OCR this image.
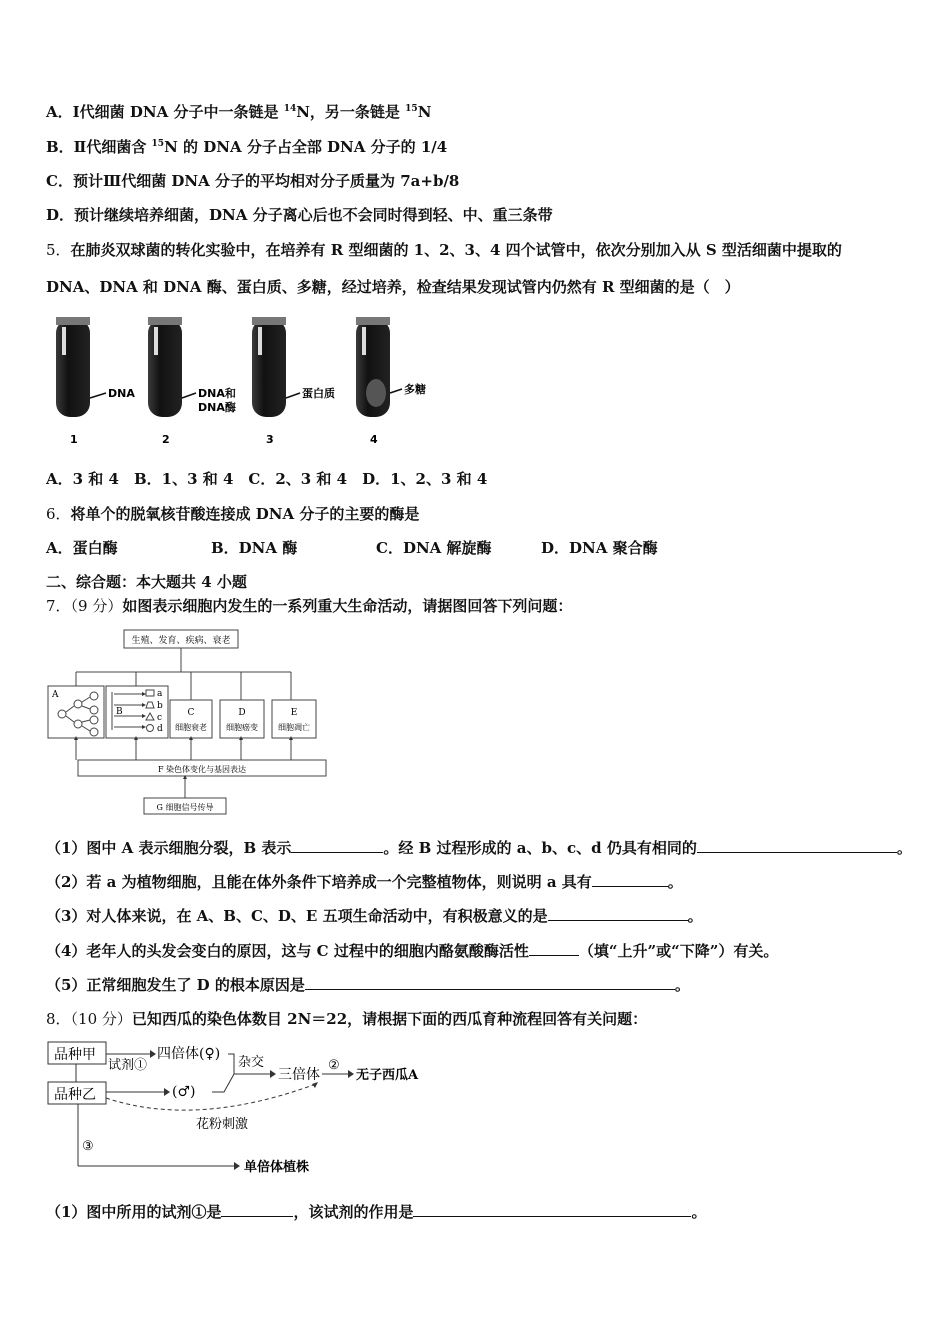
A．Ⅰ代细菌 DNA 分子中一条链是 $^{14}$N，另一条链是 $^{15}$N
B．Ⅱ代细菌含 $^{15}$N 的 DNA 分子占全部 DNA 分子的 1/4
C．预计Ⅲ代细菌 DNA 分子的平均相对分子质量为 7a+b/8
D．预计继续培养细菌，DNA 分子离心后也不会同时得到轻、中、重三条带
5．在肺炎双球菌的转化实验中，在培养有 R 型细菌的 1、2、3、4 四个试管中，依次分别加入从 S 型活细菌中提取的
DNA、DNA 和 DNA 酶、蛋白质、多糖，经过培养，检查结果发现试管内仍然有 R 型细菌的是（　）
DNA	DNA和
DNA酶
蛋白质	多糖
1	2	3	4
A．3 和 4　B．1、3 和 4　C．2、3 和 4　D．1、2、3 和 4
6．将单个的脱氧核苷酸连接成 DNA 分子的主要的酶是
A．蛋白酶	B．DNA 酶	C．DNA 解旋酶	D．DNA 聚合酶
二、综合题：本大题共 4 小题
7．（9 分）如图表示细胞内发生的一系列重大生命活动，请据图回答下列问题：
生殖、发育、疾病、衰老
A
B
a
b
c
d
C
细胞衰老
D
细胞癌变
E
细胞凋亡
F 染色体变化与基因表达
G 细胞信号传导
（1）图中 A 表示细胞分裂，B 表示	。经 B 过程形成的 a、b、c、d 仍具有相同的	。
（2）若 a 为植物细胞，且能在体外条件下培养成一个完整植物体，则说明 a 具有	。
（3）对人体来说，在 A、B、C、D、E 五项生命活动中，有积极意义的是	。
（4）老年人的头发会变白的原因，这与 C 过程中的细胞内酪氨酸酶活性	（填“上升”或“下降”）有关。
（5）正常细胞发生了 D 的根本原因是	。
8．（10 分）已知西瓜的染色体数目 2N＝22，请根据下面的西瓜育种流程回答有关问题：
品种甲
品种乙
试剂①
四倍体(♀)
(♂)
杂交
三倍体
②
无子西瓜A
花粉刺激
③
单倍体植株
（1）图中所用的试剂①是	，该试剂的作用是	。
